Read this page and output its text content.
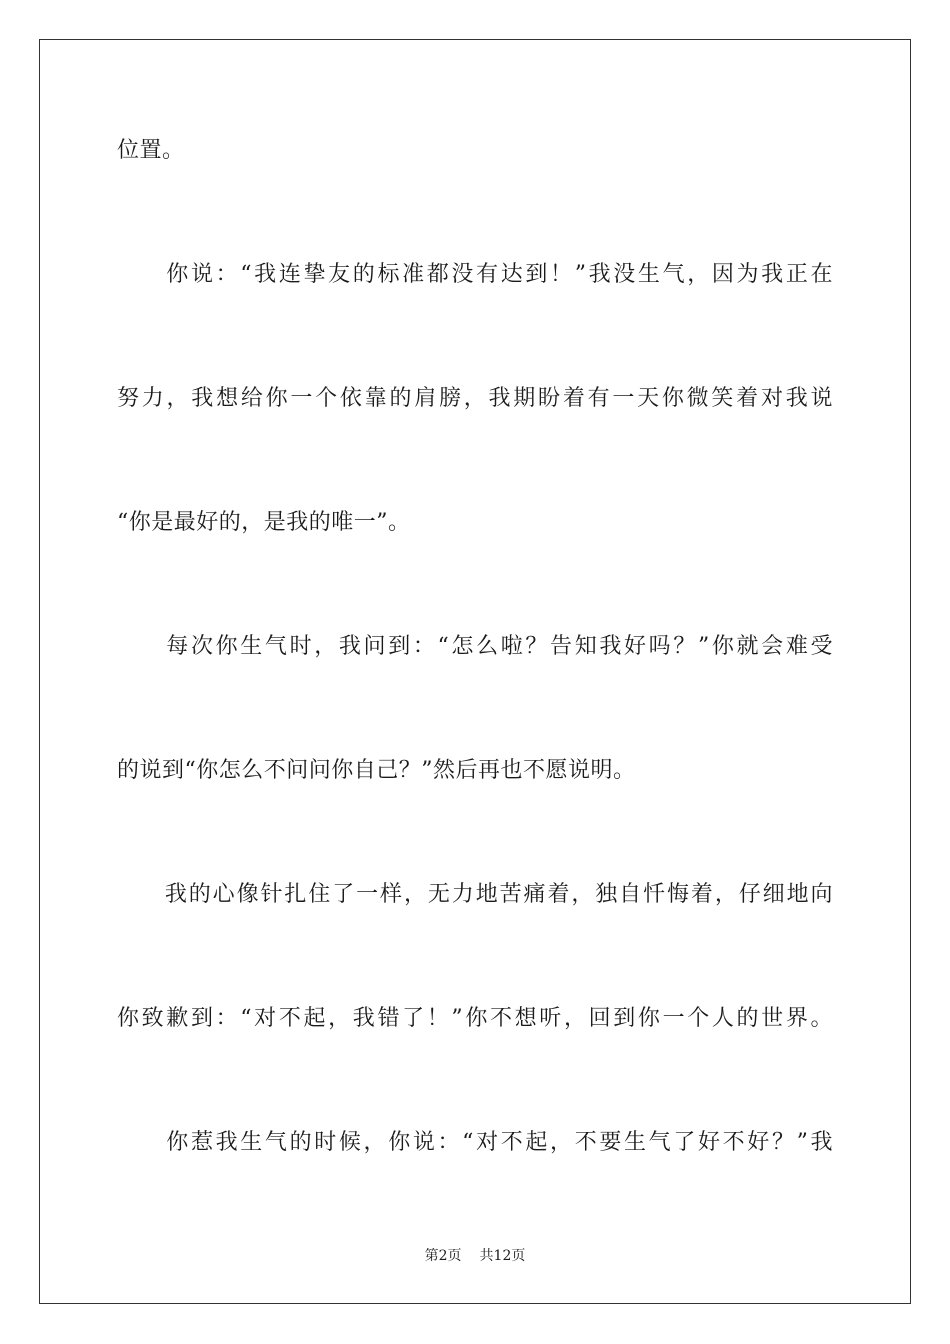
位置。

　　你说：“我连挚友的标准都没有达到！”我没生气，因为我正在

努力，我想给你一个依靠的肩膀，我期盼着有一天你微笑着对我说

“你是最好的，是我的唯一”。

　　每次你生气时，我问到：“怎么啦？告知我好吗？”你就会难受

的说到“你怎么不问问你自己？”然后再也不愿说明。

　　我的心像针扎住了一样，无力地苦痛着，独自忏悔着，仔细地向

你致歉到：“对不起，我错了！”你不想听，回到你一个人的世界。

　　你惹我生气的时候，你说：“对不起，不要生气了好不好？”我

第2页 共12页
